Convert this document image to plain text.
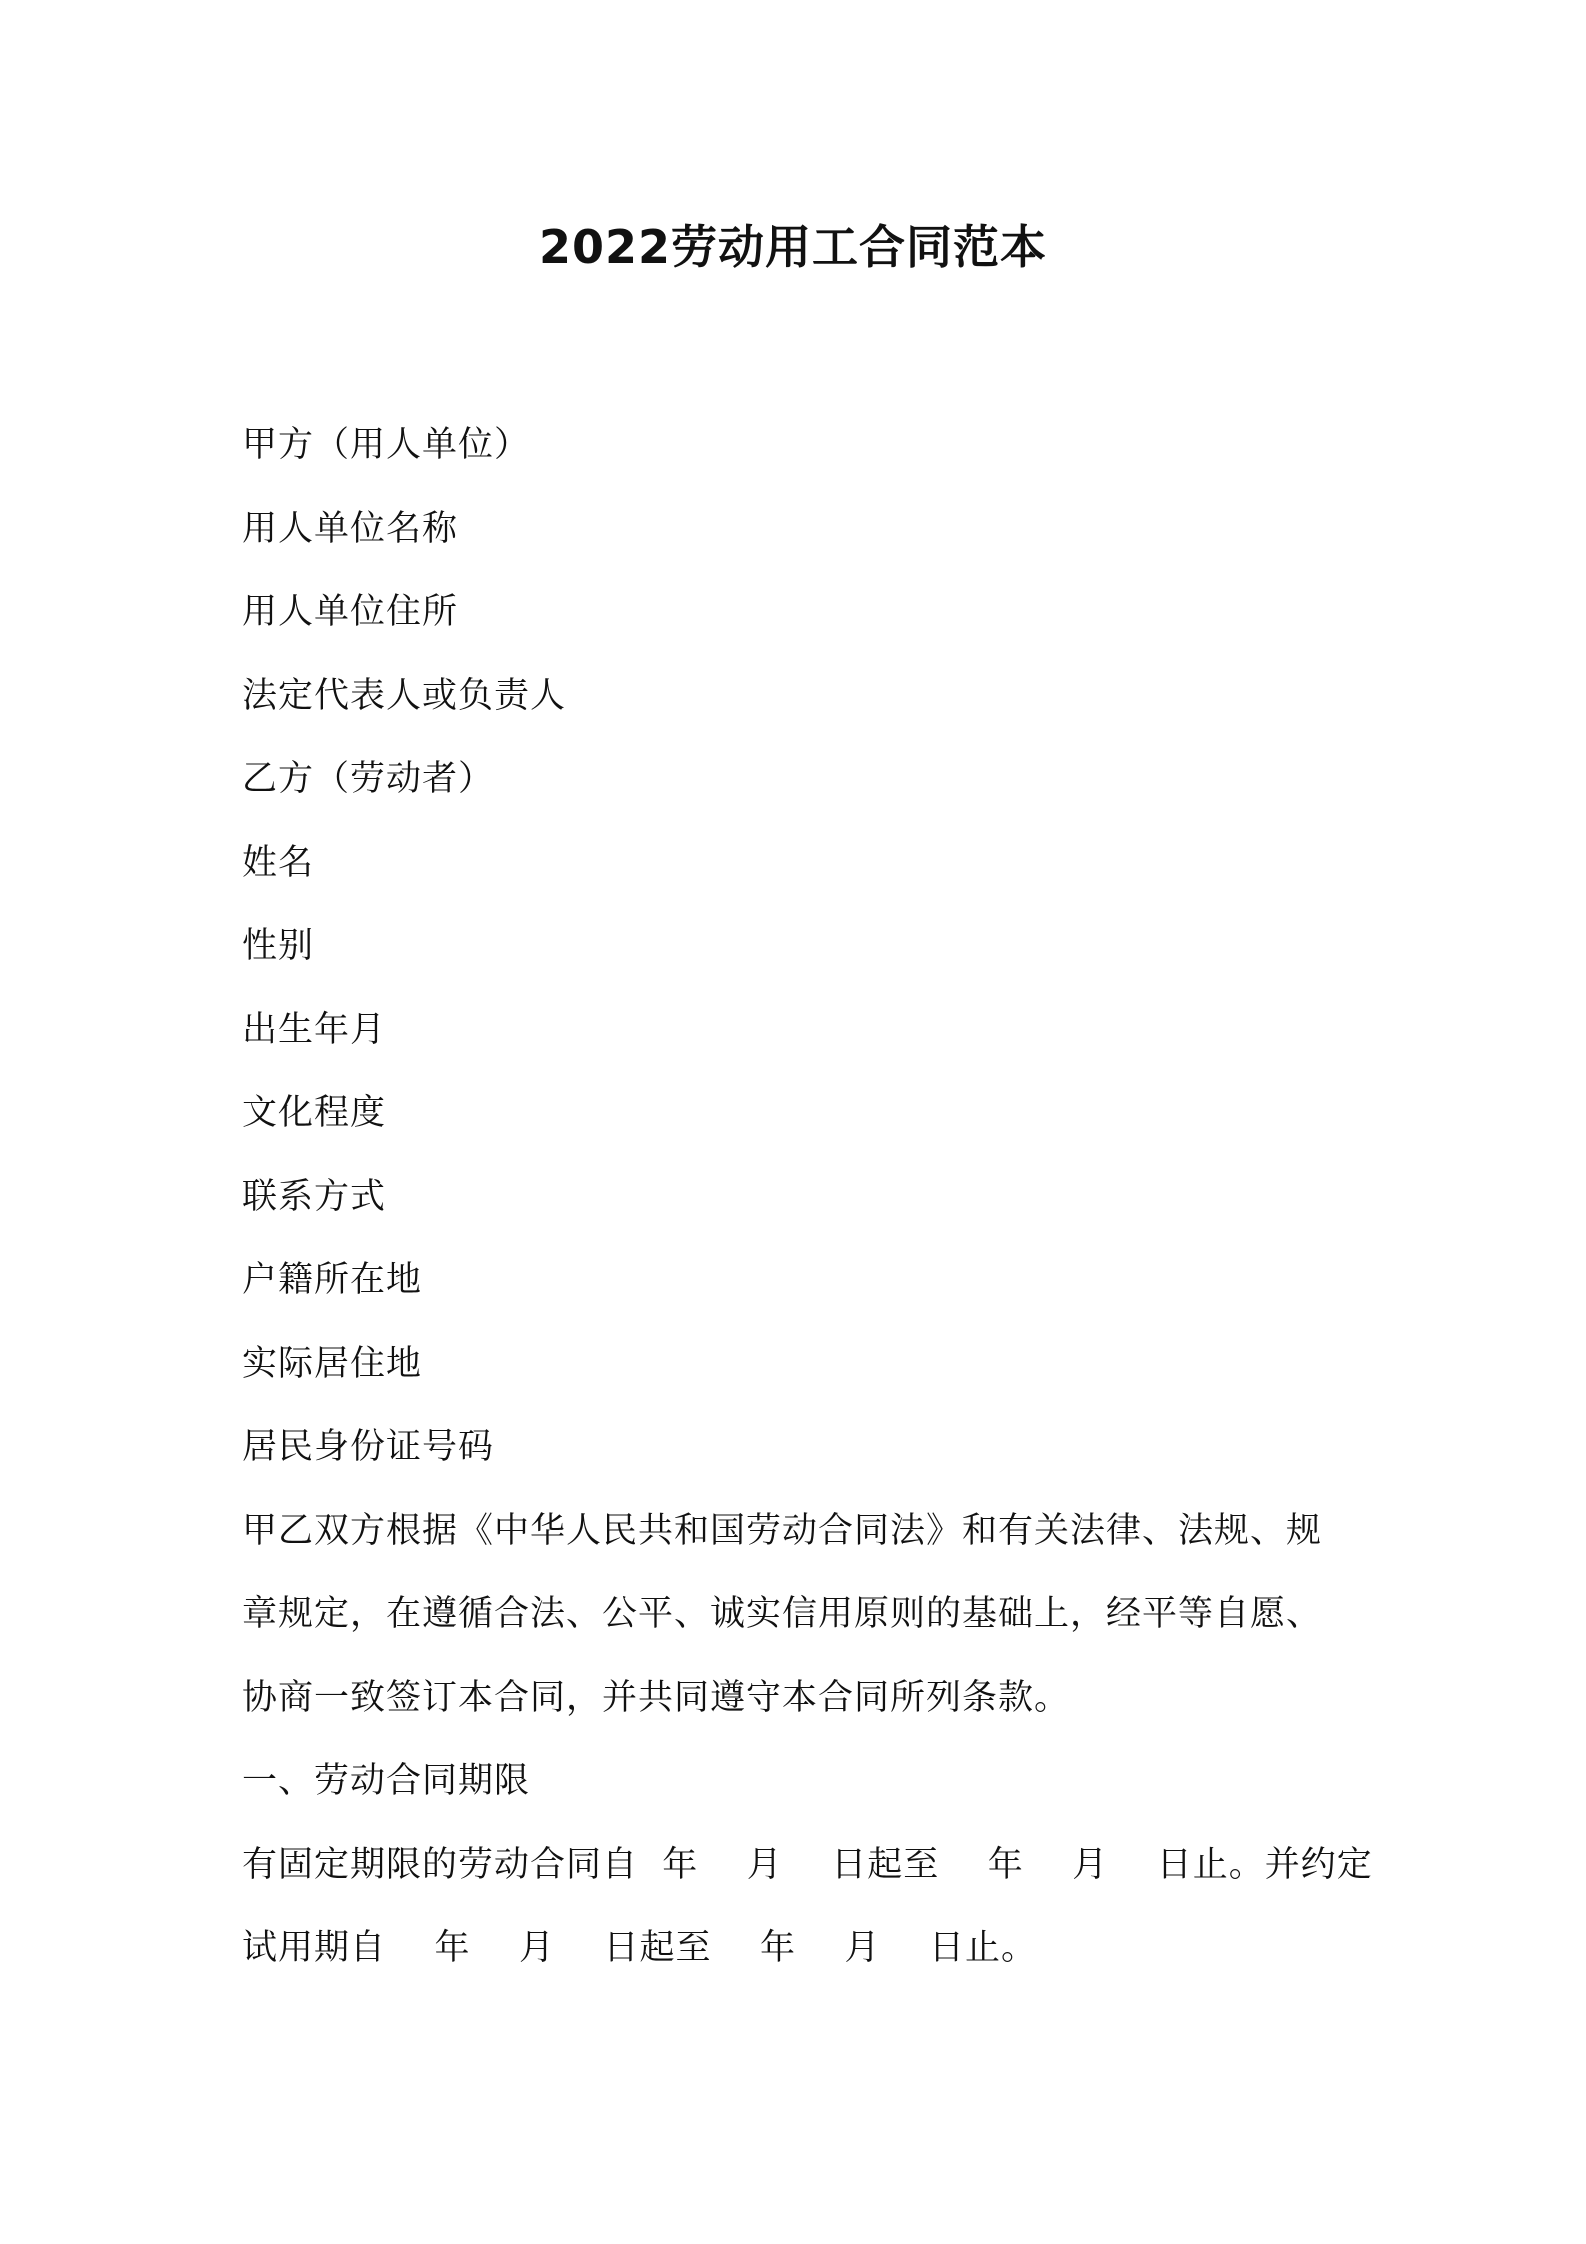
2022劳动用工合同范本
甲方（用人单位）
用人单位名称
用人单位住所
法定代表人或负责人
乙方（劳动者）
姓名
性别
出生年月
文化程度
联系方式
户籍所在地
实际居住地
居民身份证号码
甲乙双方根据《中华人民共和国劳动合同法》和有关法律、法规、规
章规定，在遵循合法、公平、诚实信用原则的基础上，经平等自愿、
协商一致签订本合同，并共同遵守本合同所列条款。
一、劳动合同期限
有固定期限的劳动合同自  年    月    日起至    年    月    日止。并约定
试用期自    年    月    日起至    年    月    日止。
